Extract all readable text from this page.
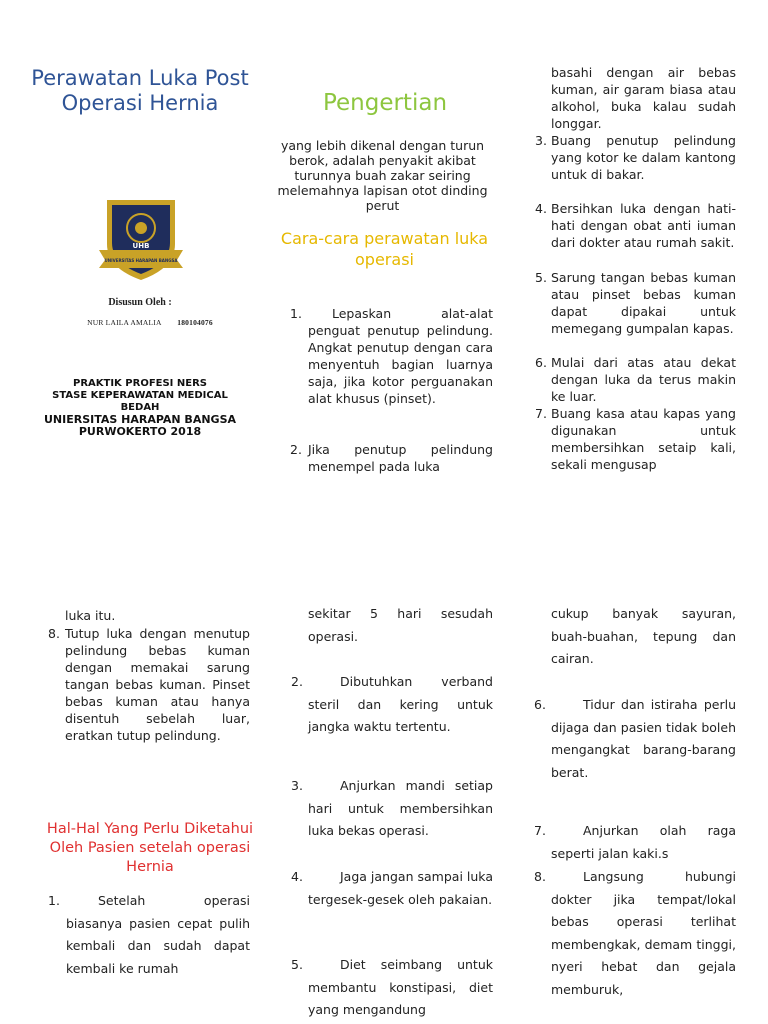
Perawatan Luka Post Operasi Hernia
UHB
UNIVERSITAS HARAPAN BANGSA
Disusun Oleh :
NUR LAILA AMALIA 180104076
PRAKTIK PROFESI NERS
STASE KEPERAWATAN MEDICAL
BEDAH
UNIERSITAS HARAPAN BANGSA
PURWOKERTO 2018
Pengertian
yang lebih dikenal dengan turun berok, adalah penyakit akibat turunnya buah zakar seiring melemahnya lapisan otot dinding perut
Cara-cara perawatan luka operasi
1.	Lepaskan alat-alat penguat penutup pelindung. Angkat penutup dengan cara menyentuh bagian luarnya saja, jika kotor perguanakan alat khusus (pinset).
2. Jika penutup pelindung menempel pada luka
basahi dengan air bebas kuman, air garam biasa atau alkohol, buka kalau sudah longgar.
3. Buang penutup pelindung yang kotor ke dalam kantong untuk di bakar.
4. Bersihkan luka dengan hati-hati dengan obat anti iuman dari dokter atau rumah sakit.
5. Sarung tangan bebas kuman atau pinset bebas kuman dapat dipakai untuk memegang gumpalan kapas.
6. Mulai dari atas atau dekat dengan luka da terus makin ke luar.
7. Buang kasa atau kapas yang digunakan untuk membersihkan setaip kali, sekali mengusap
luka itu.
8. Tutup luka dengan menutup pelindung bebas kuman dengan memakai sarung tangan bebas kuman. Pinset bebas kuman atau hanya disentuh sebelah luar, eratkan tutup pelindung.
Hal-Hal Yang Perlu Diketahui Oleh Pasien setelah operasi Hernia
1.	Setelah operasi biasanya pasien cepat pulih kembali dan sudah dapat kembali ke rumah
sekitar 5 hari sesudah operasi.
2.	Dibutuhkan verband steril dan kering untuk jangka waktu tertentu.
3.	Anjurkan mandi setiap hari untuk membersihkan luka bekas operasi.
4.	Jaga jangan sampai luka tergesek-gesek oleh pakaian.
5.	Diet seimbang untuk membantu konstipasi, diet yang mengandung
cukup banyak sayuran, buah-buahan, tepung dan cairan.
6.	Tidur dan istiraha perlu dijaga dan pasien tidak boleh mengangkat barang-barang berat.
7.	Anjurkan olah raga seperti jalan kaki.s
8.	Langsung hubungi dokter jika tempat/lokal bebas operasi terlihat membengkak, demam tinggi, nyeri hebat dan gejala memburuk,
